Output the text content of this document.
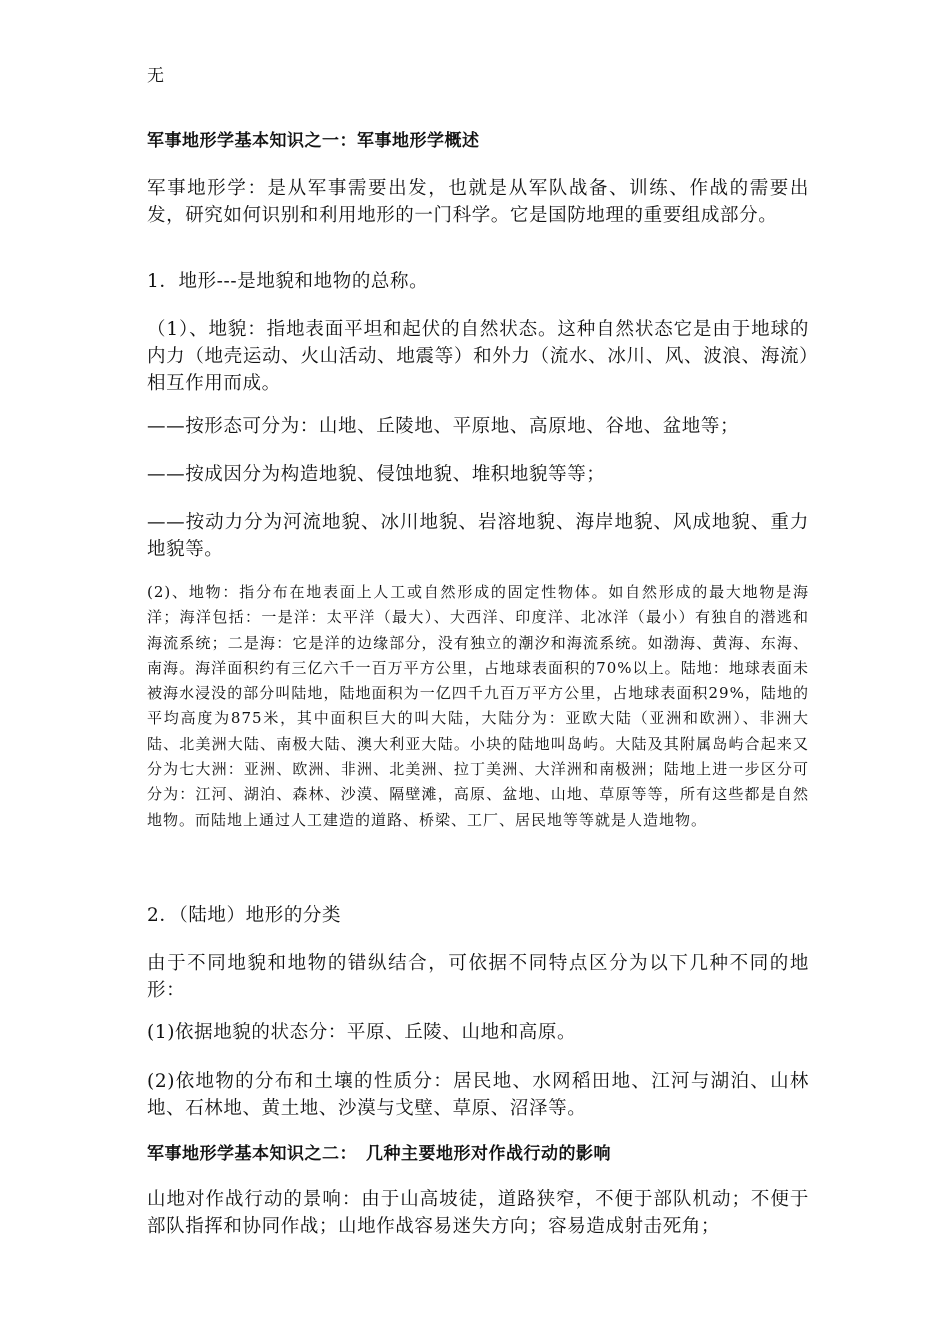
无
军事地形学基本知识之一：军事地形学概述

军事地形学：是从军事需要出发，也就是从军队战备、训练、作战的需要出发，研究如何识别和利用地形的一门科学。它是国防地理的重要组成部分。

1．地形---是地貌和地物的总称。

（1）、地貌：指地表面平坦和起伏的自然状态。这种自然状态它是由于地球的内力（地壳运动、火山活动、地震等）和外力（流水、冰川、风、波浪、海流）相互作用而成。

——按形态可分为：山地、丘陵地、平原地、高原地、谷地、盆地等；

——按成因分为构造地貌、侵蚀地貌、堆积地貌等等；

——按动力分为河流地貌、冰川地貌、岩溶地貌、海岸地貌、风成地貌、重力地貌等。

(2)、地物：指分布在地表面上人工或自然形成的固定性物体。如自然形成的最大地物是海洋；海洋包括：一是洋：太平洋（最大）、大西洋、印度洋、北冰洋（最小）有独自的潜逃和海流系统；二是海：它是洋的边缘部分，没有独立的潮汐和海流系统。如渤海、黄海、东海、南海。海洋面积约有三亿六千一百万平方公里，占地球表面积的70%以上。陆地：地球表面未被海水浸没的部分叫陆地，陆地面积为一亿四千九百万平方公里，占地球表面积29%，陆地的平均高度为875米，其中面积巨大的叫大陆，大陆分为：亚欧大陆（亚洲和欧洲）、非洲大陆、北美洲大陆、南极大陆、澳大利亚大陆。小块的陆地叫岛屿。大陆及其附属岛屿合起来又分为七大洲：亚洲、欧洲、非洲、北美洲、拉丁美洲、大洋洲和南极洲；陆地上进一步区分可分为：江河、湖泊、森林、沙漠、隔壁滩，高原、盆地、山地、草原等等，所有这些都是自然地物。而陆地上通过人工建造的道路、桥梁、工厂、居民地等等就是人造地物。

2．（陆地）地形的分类

由于不同地貌和地物的错纵结合，可依据不同特点区分为以下几种不同的地形：

(1)依据地貌的状态分：平原、丘陵、山地和高原。

(2)依地物的分布和土壤的性质分：居民地、水网稻田地、江河与湖泊、山林地、石林地、黄土地、沙漠与戈壁、草原、沼泽等。

军事地形学基本知识之二：　几种主要地形对作战行动的影响

山地对作战行动的景响：由于山高坡徒，道路狭窄，不便于部队机动；不便于部队指挥和协同作战；山地作战容易迷失方向；容易造成射击死角；
